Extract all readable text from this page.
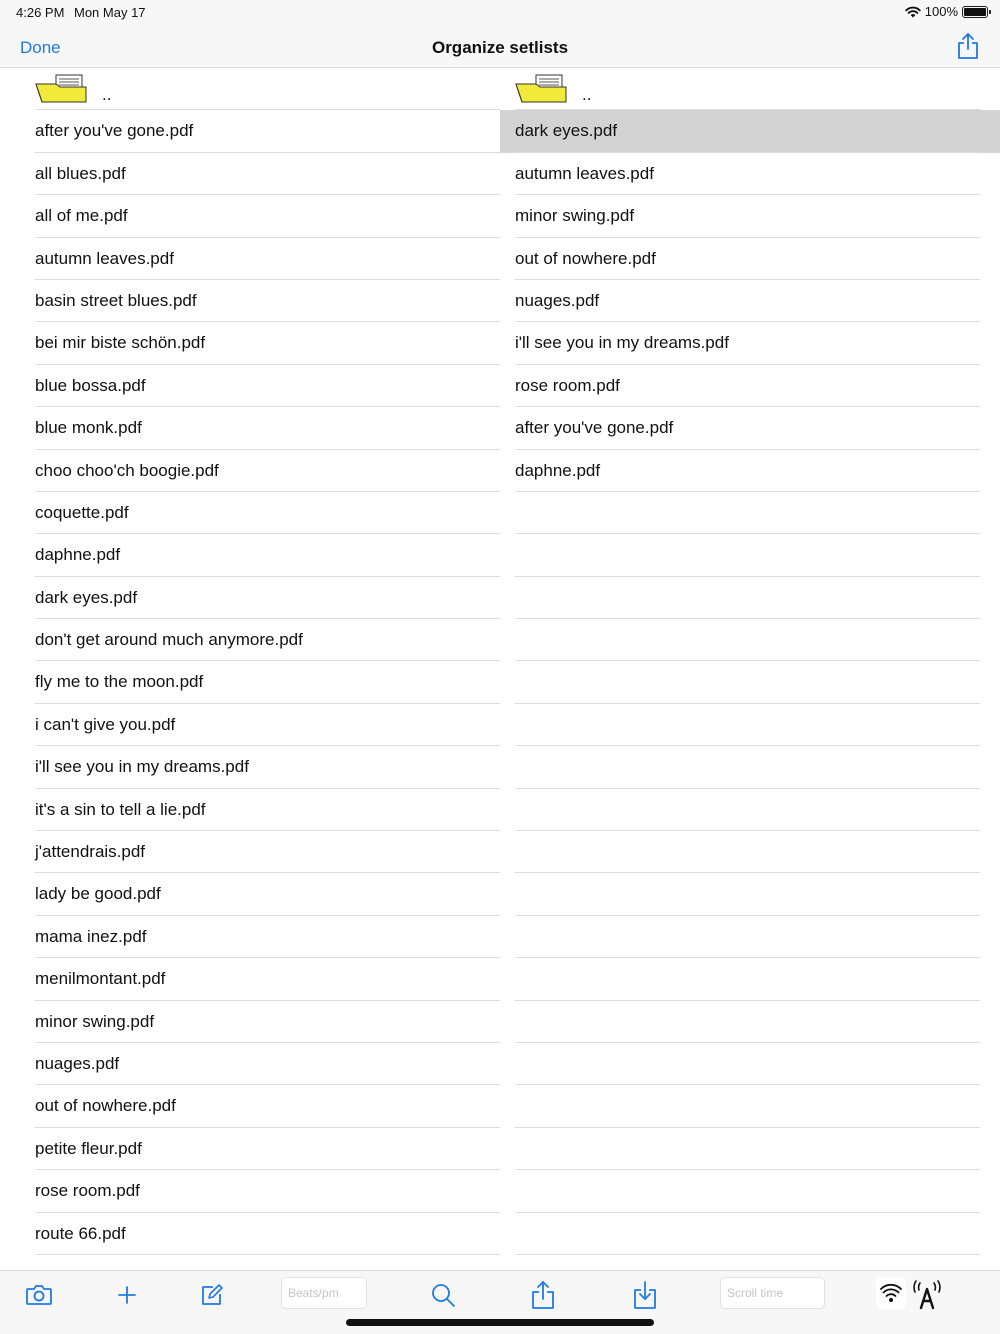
4:26 PM Mon May 17	100%
Done	Organize setlists
..
after you've gone.pdf
all blues.pdf
all of me.pdf
autumn leaves.pdf
basin street blues.pdf
bei mir biste schön.pdf
blue bossa.pdf
blue monk.pdf
choo choo'ch boogie.pdf
coquette.pdf
daphne.pdf
dark eyes.pdf
don't get around much anymore.pdf
fly me to the moon.pdf
i can't give you.pdf
i'll see you in my dreams.pdf
it's a sin to tell a lie.pdf
j'attendrais.pdf
lady be good.pdf
mama inez.pdf
menilmontant.pdf
minor swing.pdf
nuages.pdf
out of nowhere.pdf
petite fleur.pdf
rose room.pdf
route 66.pdf
..
dark eyes.pdf
autumn leaves.pdf
minor swing.pdf
out of nowhere.pdf
nuages.pdf
i'll see you in my dreams.pdf
rose room.pdf
after you've gone.pdf
daphne.pdf
Beats/pm	Scroll time
